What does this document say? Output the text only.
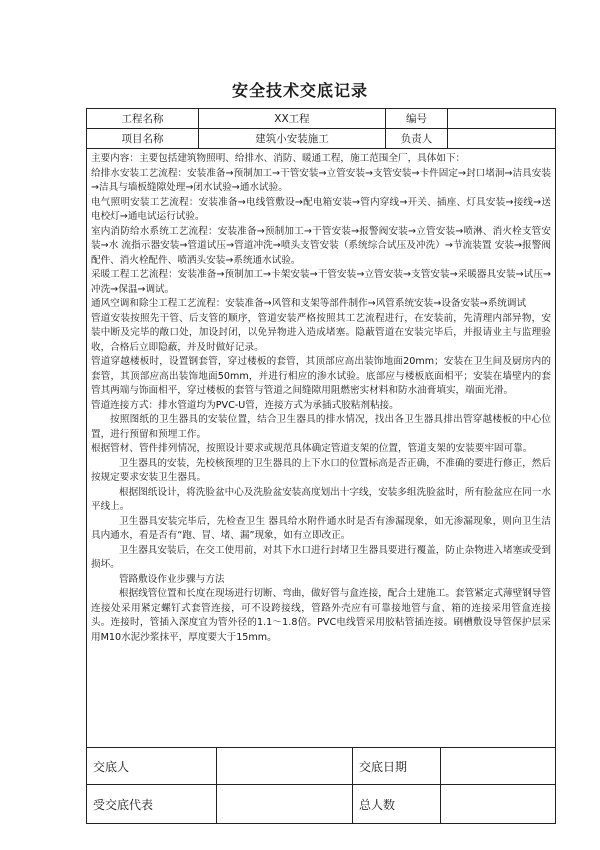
安全技术交底记录
工程名称	XX工程	编号
项目名称	建筑小安装施工	负责人

主要内容：主要包括建筑物照明、给排水、消防、暖通工程，施工范围全厂，具体如下：

给排水安装工艺流程：安装准备→预制加工→干管安装→立管安装→支管安装→卡件固定→封口堵洞→洁具安装→洁具与墙板缝隙处理→闭水试验→通水试验。

电气照明安装工艺流程：安装准备→电线管敷设→配电箱安装→管内穿线→开关、插座、灯具安装→接线→送电校灯→通电试运行试验。

室内消防给水系统工艺流程：安装准备→预制加工→干管安装→报警阀安装→立管安装→喷淋、消火栓支管安装→水 流指示器安装→管道试压→管道冲洗→喷头支管安装（系统综合试压及冲洗）→节流装置 安装→报警阀配件、消火栓配件、喷洒头安装→系统通水试验。

采暖工程工艺流程：安装准备→预制加工→卡架安装→干管安装→立管安装→支管安装→采暖器具安装→试压→冲洗→保温→调试。

通风空调和除尘工程工艺流程：安装准备→风管和支架等部件制作→风管系统安装→设备安装→系统调试

管道安装按照先干管、后支管的顺序，管道安装严格按照其工艺流程进行，在安装前，先清理内部异物，安装中断及完毕的敞口处，加设封闭，以免异物进入造成堵塞。隐蔽管道在安装完毕后，并报请业主与监理验收，合格后立即隐蔽，并及时做好记录。

管道穿越楼板时，设置钢套管，穿过楼板的套管，其顶部应高出装饰地面20mm；安装在卫生间及厨房内的套管，其顶部应高出装饰地面50mm，并进行相应的渗水试验。底部应与楼板底面相平；安装在墙壁内的套管其两端与饰面相平，穿过楼板的套管与管道之间缝隙用阻燃密实材料和防水油膏填实，端面光滑。

管道连接方式：排水管道均为PVC-U管，连接方式为承插式胶粘剂粘接。

按照图纸的卫生器具的安装位置，结合卫生器具的排水情况，找出各卫生器具排出管穿越楼板的中心位置，进行预留和预埋工作。

根据管材、管件排列情况，按照设计要求或规范具体确定管道支架的位置，管道支架的安装要牢固可靠。

卫生器具的安装，先校核预埋的卫生器具的上下水口的位置标高是否正确，不准确的要进行修正，然后按规定要求安装卫生器具。

根据图纸设计，将洗脸盆中心及洗脸盆安装高度划出十字线，安装多组洗脸盆时，所有脸盆应在同一水平线上。

卫生器具安装完毕后，先检查卫生 器具给水附件通水时是否有渗漏现象，如无渗漏现象，则向卫生洁具内通水，看是否有“跑、冒、堵、漏”现象，如有立即改正。

卫生器具安装后，在交工使用前，对其下水口进行封堵卫生器具要进行覆盖，防止杂物进入堵塞或受到损坏。

管路敷设作业步骤与方法

根据线管位置和长度在现场进行切断、弯曲，做好管与盒连接，配合土建施工。套管紧定式薄壁钢导管连接处采用紧定螺钉式套管连接，可不设跨接线，管路外壳应有可靠接地管与盒、箱的连接采用管盒连接头。连接时，管插入深度宜为管外径的1.1～1.8倍。PVC电线管采用胶粘管插连接。刷槽敷设导管保护层采用M10水泥沙浆抹平，厚度要大于15mm。

交底人	交底日期
受交底代表	总人数
